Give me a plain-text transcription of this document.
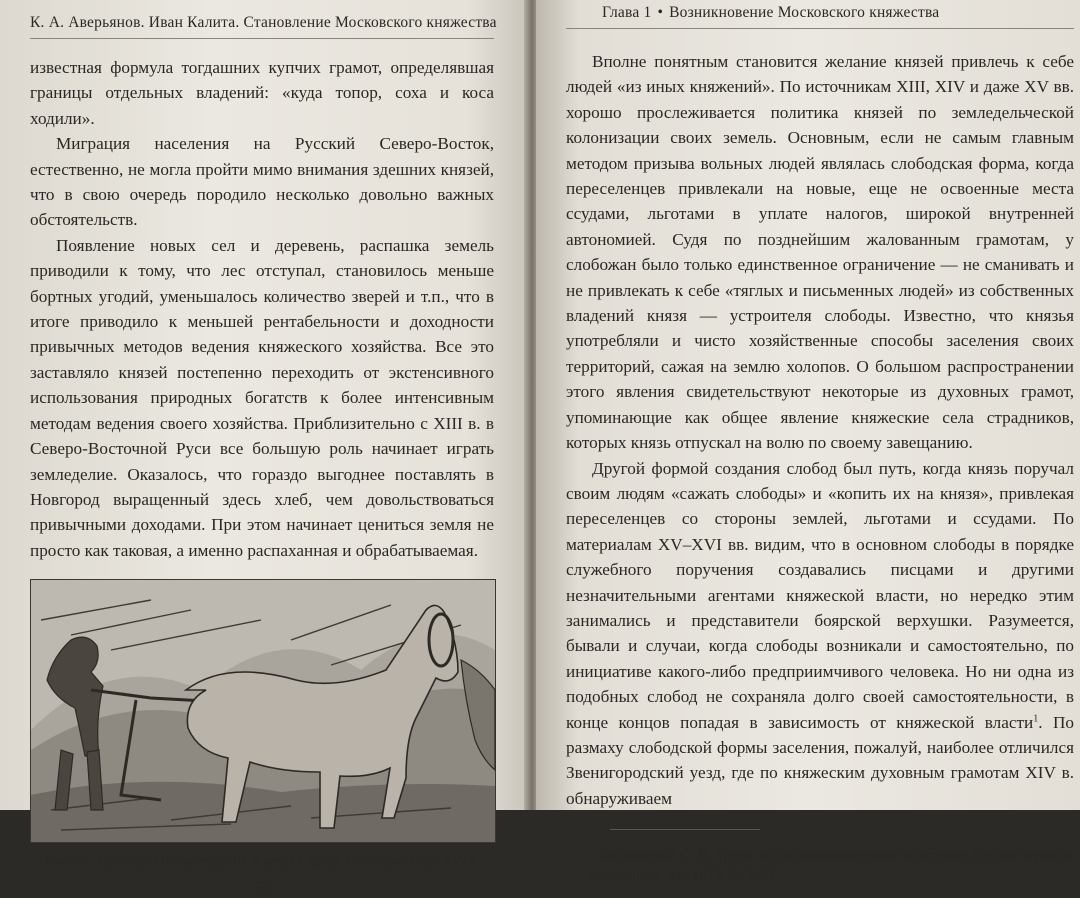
К. А. Аверьянов. Иван Калита. Становление Московского княжества

известная формула тогдашних купчих грамот, определявшая границы отдельных владений: «куда топор, соха и коса ходили».

Миграция населения на Русский Северо-Восток, естественно, не могла пройти мимо внимания здешних князей, что в свою очередь породило несколько довольно важных обстоятельств.

Появление новых сел и деревень, распашка земель приводили к тому, что лес отступал, становилось меньше бортных угодий, уменьшалось количество зверей и т.п., что в итоге приводило к меньшей рентабельности и доходности привычных методов ведения княжеского хозяйства. Все это заставляло князей постепенно переходить от экстенсивного использования природных богатств к более интенсивным методам ведения своего хозяйства. Приблизительно с XIII в. в Северо-Восточной Руси все большую роль начинает играть земледелие. Оказалось, что гораздо выгоднее поставлять в Новгород выращенный здесь хлеб, чем довольствоваться привычными доходами. При этом начинает цениться земля не просто как таковая, а именно распаханная и обрабатываемая.

Рис. 27. Пахота. Миниатюра из Жития Сергия Радонежского. XVI в.
50
Глава 1 • Возникновение Московского княжества

Вполне понятным становится желание князей привлечь к себе людей «из иных княжений». По источникам XIII, XIV и даже XV вв. хорошо прослеживается политика князей по земледельческой колонизации своих земель. Основным, если не самым главным методом призыва вольных людей являлась слободская форма, когда переселенцев привлекали на новые, еще не освоенные места ссудами, льготами в уплате налогов, широкой внутренней автономией. Судя по позднейшим жалованным грамотам, у слобожан было только единственное ограничение — не сманивать и не привлекать к себе «тяглых и письменных людей» из собственных владений князя — устроителя слободы. Известно, что князья употребляли и чисто хозяйственные способы заселения своих территорий, сажая на землю холопов. О большом распространении этого явления свидетельствуют некоторые из духовных грамот, упоминающие как общее явление княжеские села страдников, которых князь отпускал на волю по своему завещанию.

Другой формой создания слобод был путь, когда князь поручал своим людям «сажать слободы» и «копить их на князя», привлекая переселенцев со стороны землей, льготами и ссудами. По материалам XV–XVI вв. видим, что в основном слободы в порядке служебного поручения создавались писцами и другими незначительными агентами княжеской власти, но нередко этим занимались и представители боярской верхушки. Разумеется, бывали и случаи, когда слободы возникали и самостоятельно, по инициативе какого-либо предприимчивого человека. Но ни одна из подобных слобод не сохраняла долго своей самостоятельности, в конце концов попадая в зависимость от княжеской власти$^1$. По размаху слободской формы заселения, пожалуй, наиболее отличился Звенигородский уезд, где по княжеским духовным грамотам XIV в. обнаруживаем

$^1$ Веселовский С. Б. Труды по источниковедению и истории России периода феодализма. М., 1978. С. 7–33.
